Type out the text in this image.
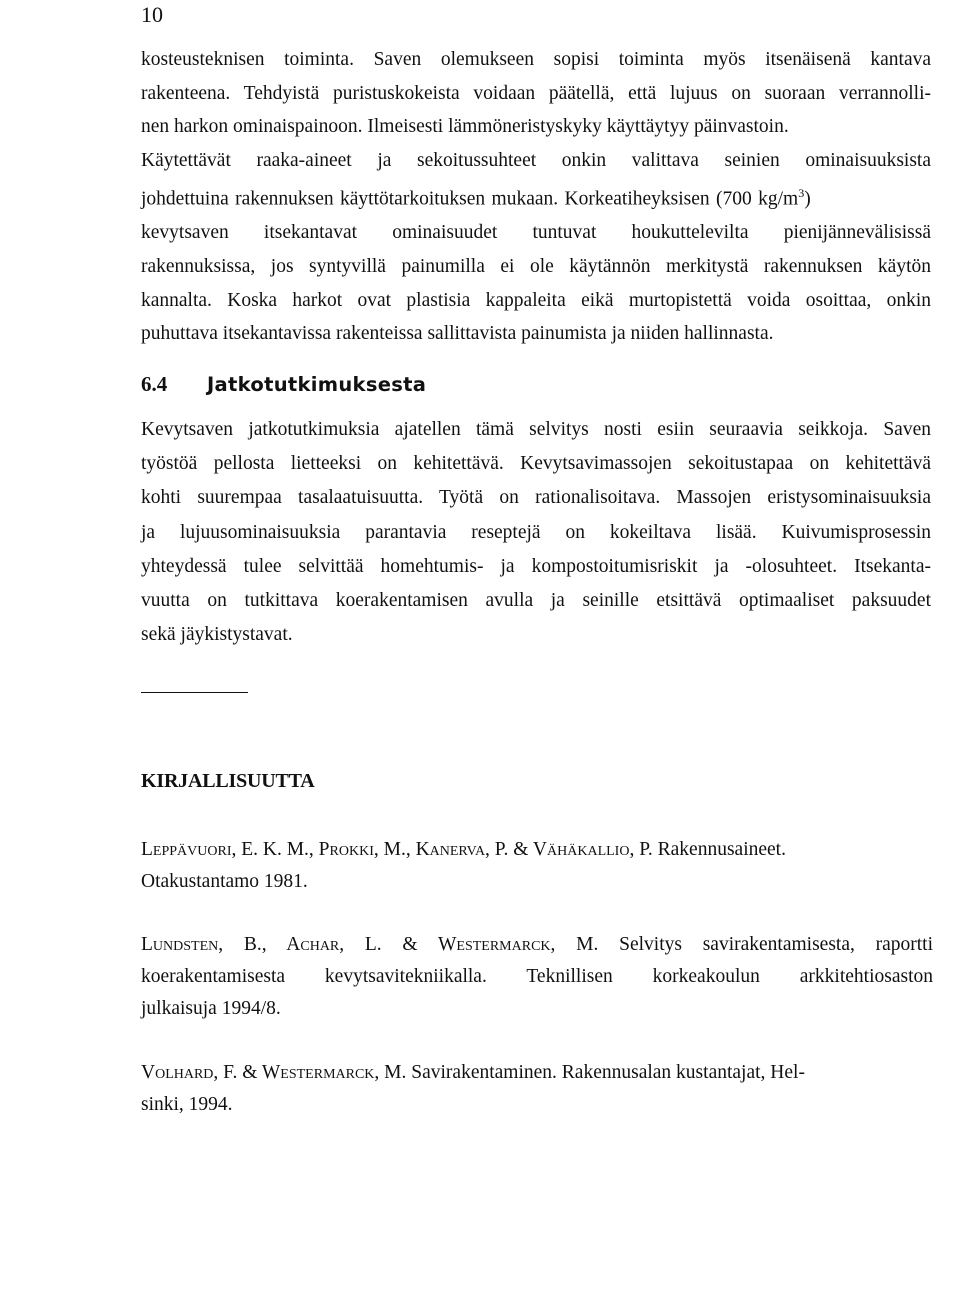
10
kosteusteknisen toiminta. Saven olemukseen sopisi toiminta myös itsenäisenä kantava
rakenteena. Tehdyistä puristuskokeista voidaan päätellä, että lujuus on suoraan verrannolli-
nen harkon ominaispainoon. Ilmeisesti lämmöneristyskyky käyttäytyy päinvastoin.
Käytettävät raaka-aineet ja sekoitussuhteet onkin valittava seinien ominaisuuksista
johdettuina rakennuksen käyttötarkoituksen mukaan. Korkeatiheyksisen (700 $kg/m^3$)
kevytsaven itsekantavat ominaisuudet tuntuvat houkuttelevilta pienijännevälisissä
rakennuksissa, jos syntyvillä painumilla ei ole käytännön merkitystä rakennuksen käytön
kannalta. Koska harkot ovat plastisia kappaleita eikä murtopistettä voida osoittaa, onkin
puhuttava itsekantavissa rakenteissa sallittavista painumista ja niiden hallinnasta.
6.4 Jatkotutkimuksesta
Kevytsaven jatkotutkimuksia ajatellen tämä selvitys nosti esiin seuraavia seikkoja. Saven
työstöä pellosta lietteeksi on kehitettävä. Kevytsavimassojen sekoitustapaa on kehitettävä
kohti suurempaa tasalaatuisuutta. Työtä on rationalisoitava. Massojen eristysominaisuuksia
ja lujuusominaisuuksia parantavia reseptejä on kokeiltava lisää. Kuivumisprosessin
yhteydessä tulee selvittää homehtumis- ja kompostoitumisriskit ja -olosuhteet. Itsekanta-
vuutta on tutkittava koerakentamisen avulla ja seinille etsittävä optimaaliset paksuudet
sekä jäykistystavat.
KIRJALLISUUTTA
Leppävuori, E. K. M., Prokki, M., Kanerva, P. & Vähäkallio, P. Rakennusaineet.
Otakustantamo 1981.
Lundsten, B., Achar, L. & Westermarck, M. Selvitys savirakentamisesta, raportti
koerakentamisesta kevytsavitekniikalla. Teknillisen korkeakoulun arkkitehtiosaston
julkaisuja 1994/8.
Volhard, F. & Westermarck, M. Savirakentaminen. Rakennusalan kustantajat, Hel-
sinki, 1994.
